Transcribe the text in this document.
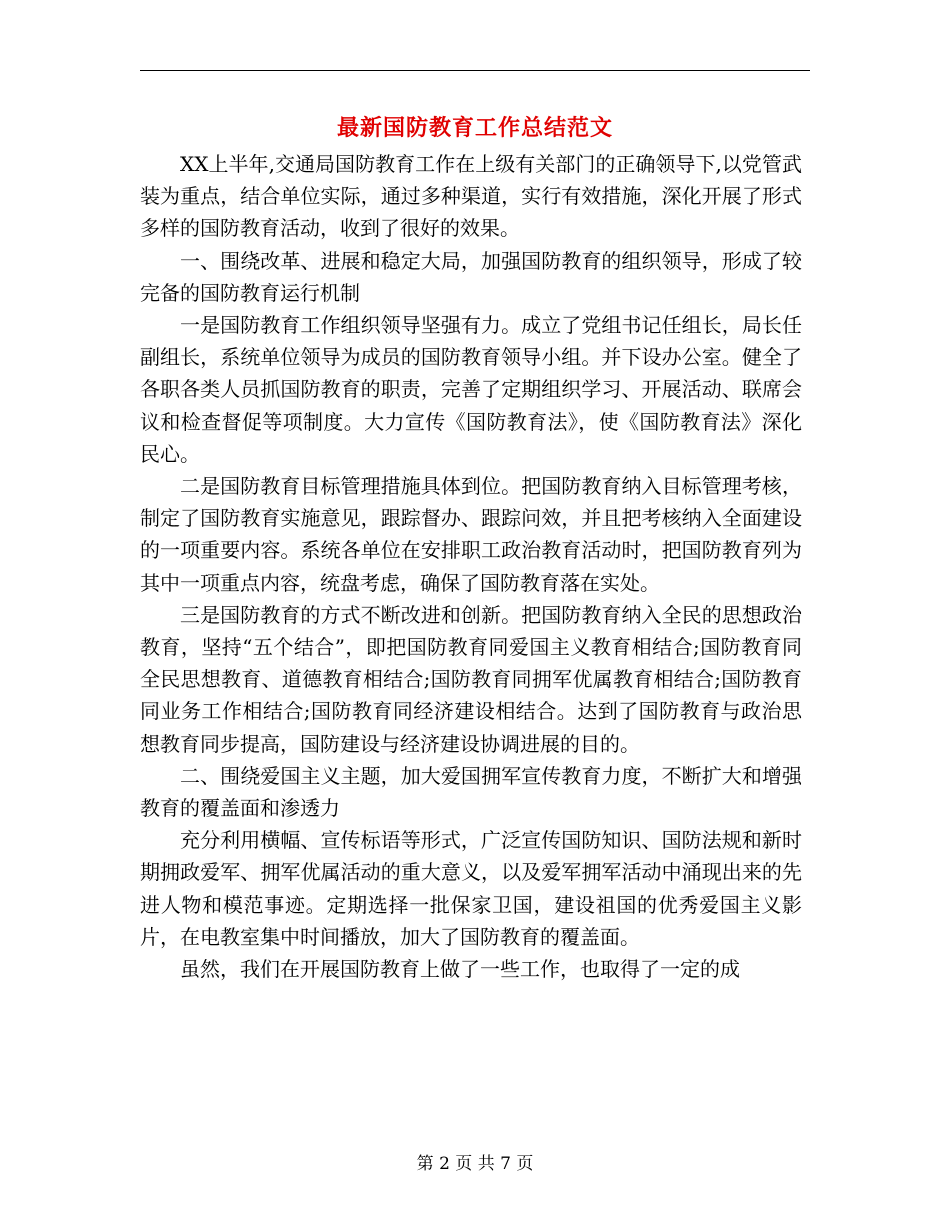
最新国防教育工作总结范文

XX上半年,交通局国防教育工作在上级有关部门的正确领导下,以党管武装为重点，结合单位实际，通过多种渠道，实行有效措施，深化开展了形式多样的国防教育活动，收到了很好的效果。

一、围绕改革、进展和稳定大局，加强国防教育的组织领导，形成了较完备的国防教育运行机制

一是国防教育工作组织领导坚强有力。成立了党组书记任组长，局长任副组长，系统单位领导为成员的国防教育领导小组。并下设办公室。健全了各职各类人员抓国防教育的职责，完善了定期组织学习、开展活动、联席会议和检查督促等项制度。大力宣传《国防教育法》，使《国防教育法》深化民心。

二是国防教育目标管理措施具体到位。把国防教育纳入目标管理考核，制定了国防教育实施意见，跟踪督办、跟踪问效，并且把考核纳入全面建设的一项重要内容。系统各单位在安排职工政治教育活动时，把国防教育列为其中一项重点内容，统盘考虑，确保了国防教育落在实处。

三是国防教育的方式不断改进和创新。把国防教育纳入全民的思想政治教育，坚持“五个结合”，即把国防教育同爱国主义教育相结合;国防教育同全民思想教育、道德教育相结合;国防教育同拥军优属教育相结合;国防教育同业务工作相结合;国防教育同经济建设相结合。达到了国防教育与政治思想教育同步提高，国防建设与经济建设协调进展的目的。

二、围绕爱国主义主题，加大爱国拥军宣传教育力度，不断扩大和增强教育的覆盖面和渗透力

充分利用横幅、宣传标语等形式，广泛宣传国防知识、国防法规和新时期拥政爱军、拥军优属活动的重大意义，以及爱军拥军活动中涌现出来的先进人物和模范事迹。定期选择一批保家卫国，建设祖国的优秀爱国主义影片，在电教室集中时间播放，加大了国防教育的覆盖面。

虽然，我们在开展国防教育上做了一些工作，也取得了一定的成

第 2 页 共 7 页
